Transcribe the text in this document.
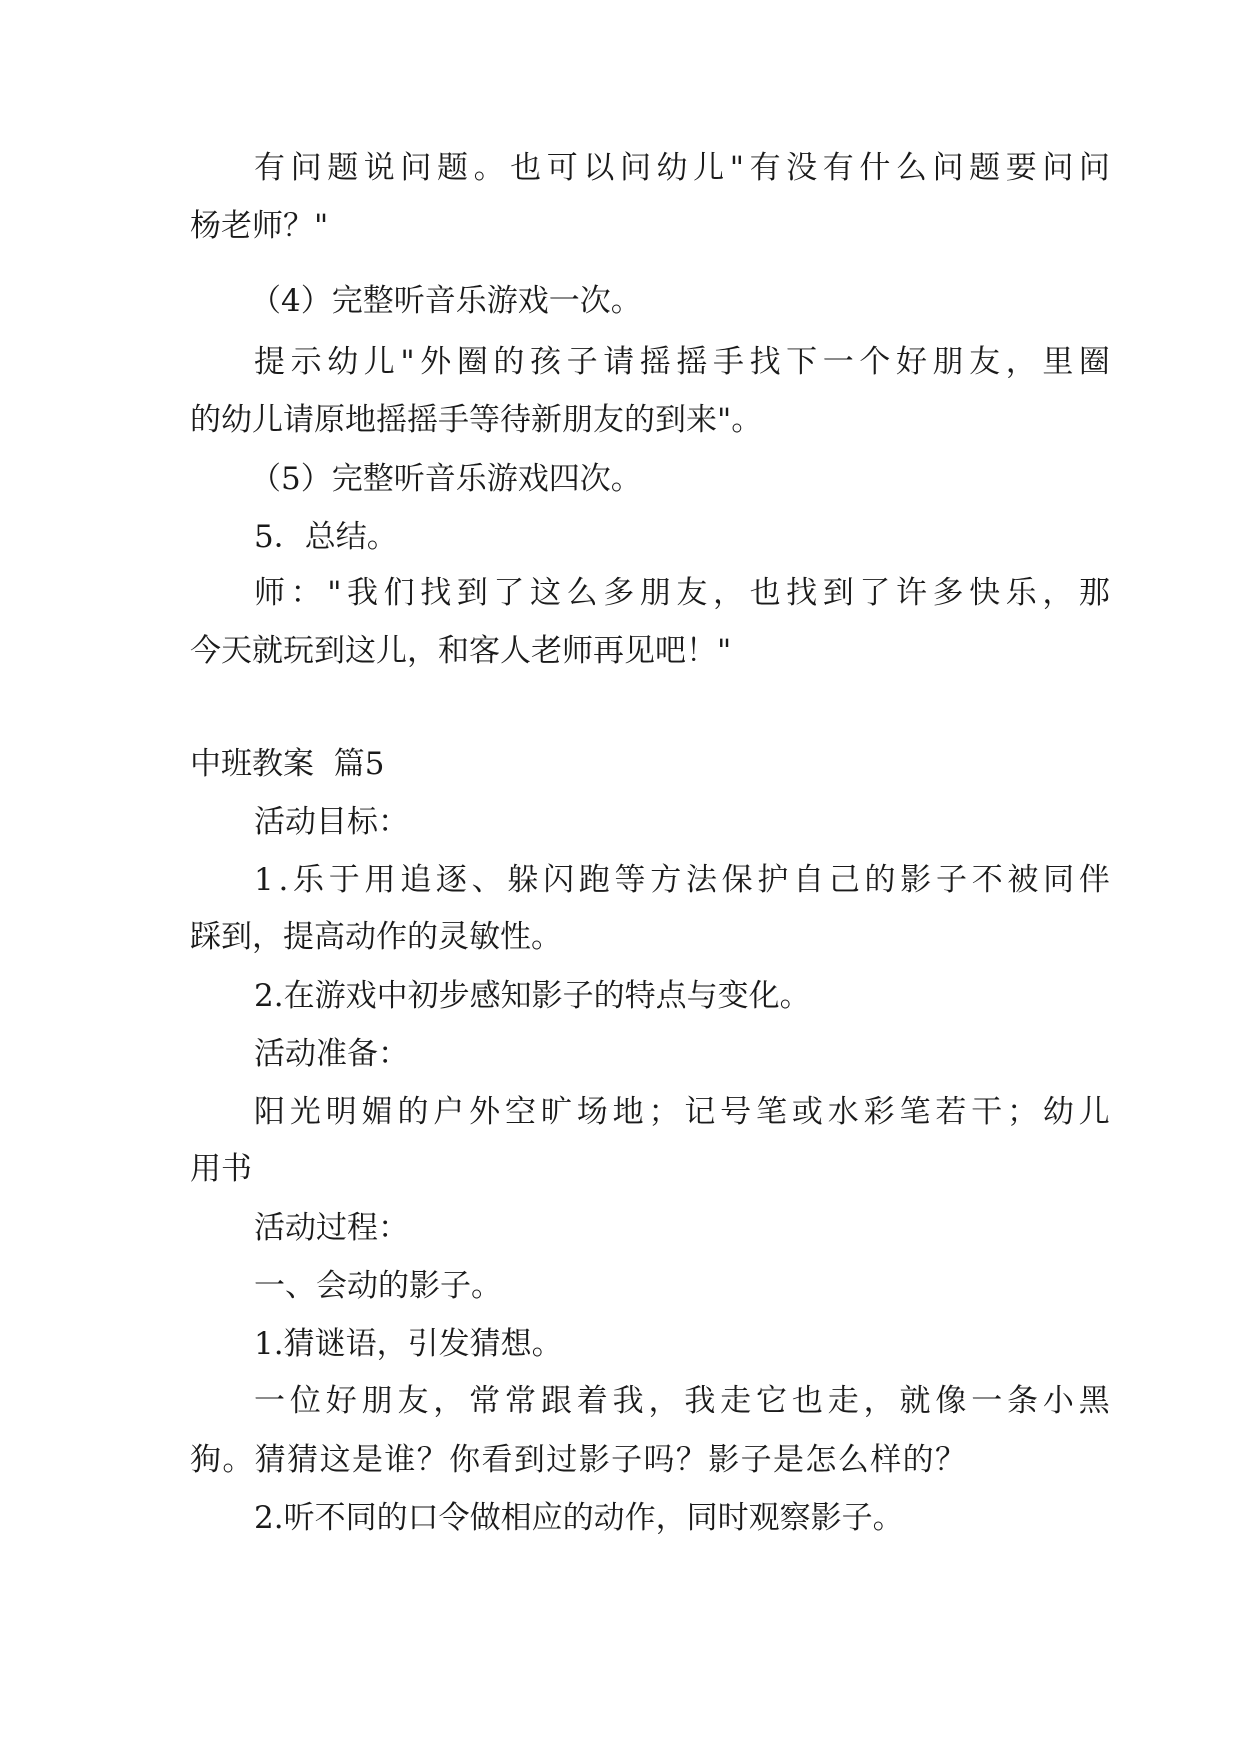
有 问 题 说 问 题 。 也 可 以 问 幼 儿 " 有 没 有 什 么 问 题 要 问 问
杨老师？"
（4）完整听音乐游戏一次。
提 示 幼 儿 " 外 圈 的 孩 子 请 摇 摇 手 找 下 一 个 好 朋 友 ， 里 圈
的幼儿请原地摇摇手等待新朋友的到来"。
（5）完整听音乐游戏四次。
5．总结。
师 ： " 我 们 找 到 了 这 么 多 朋 友 ， 也 找 到 了 许 多 快 乐 ， 那
今天就玩到这儿，和客人老师再见吧！"
中班教案  篇5
活动目标：
1 . 乐 于 用 追 逐 、 躲 闪 跑 等 方 法 保 护 自 己 的 影 子 不 被 同 伴
踩到，提高动作的灵敏性。
2.在游戏中初步感知影子的特点与变化。
活动准备：
阳 光 明 媚 的 户 外 空 旷 场 地 ； 记 号 笔 或 水 彩 笔 若 干 ； 幼 儿
用书
活动过程：
一、会动的影子。
1.猜谜语，引发猜想。
一 位 好 朋 友 ， 常 常 跟 着 我 ， 我 走 它 也 走 ， 就 像 一 条 小 黑
狗 。 猜 猜 这 是 谁 ？ 你 看 到 过 影 子 吗 ？ 影 子 是 怎 么 样 的 ？
2.听不同的口令做相应的动作，同时观察影子。
